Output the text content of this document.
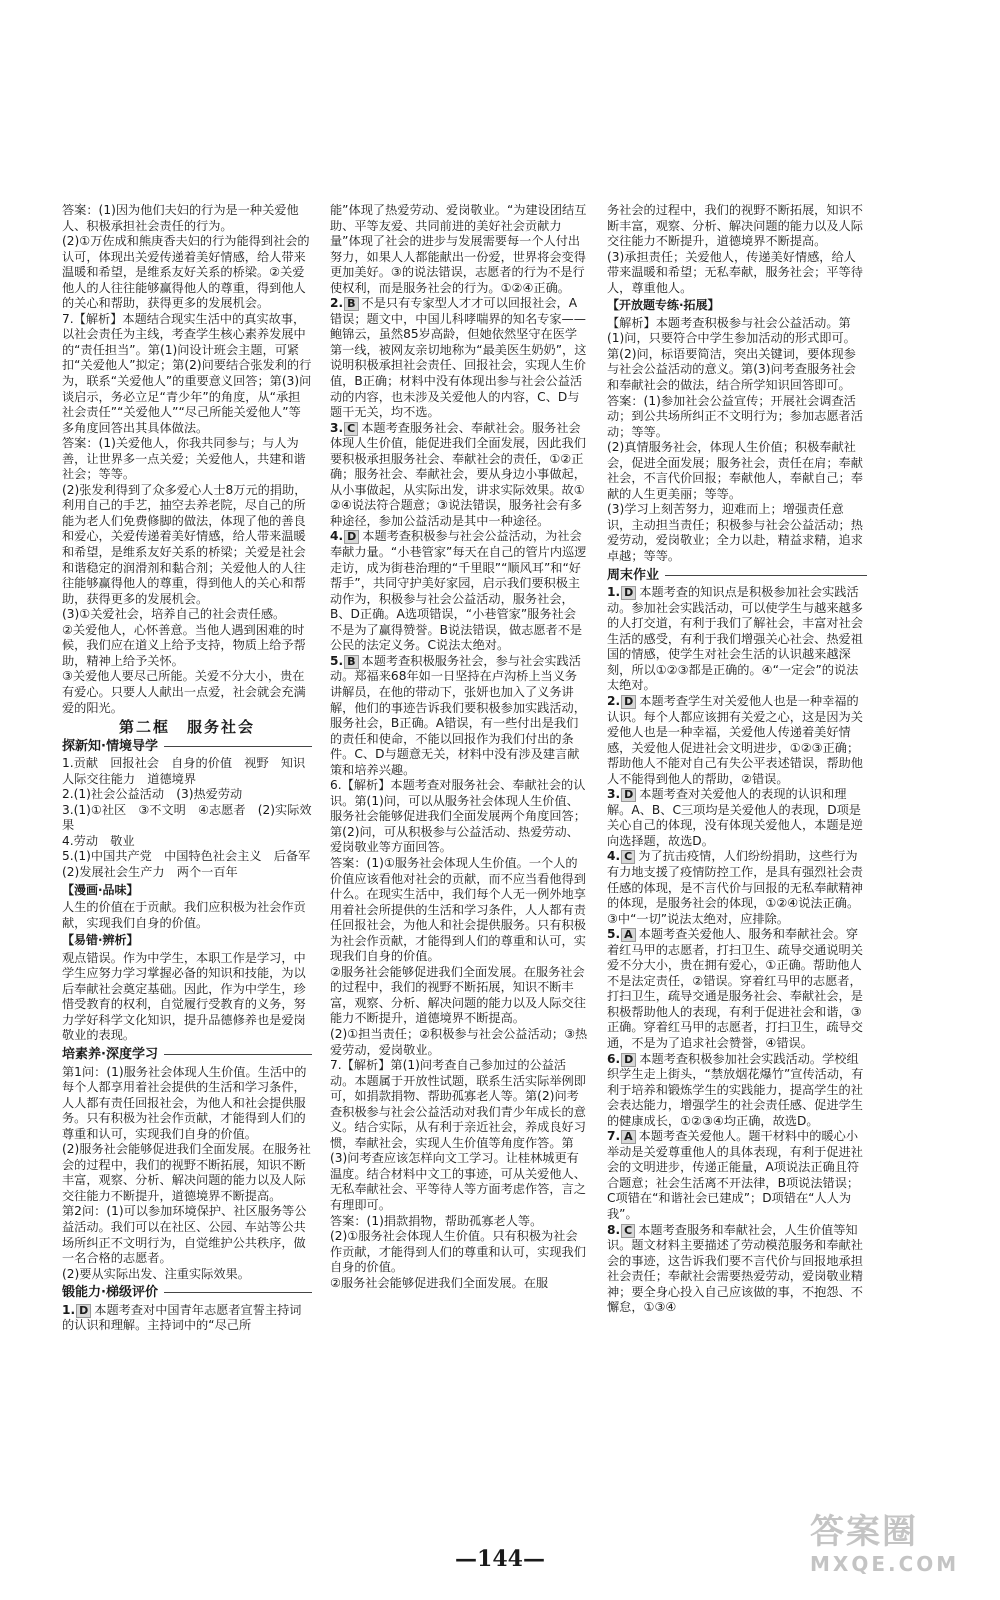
答案：(1)因为他们夫妇的行为是一种关爱他人、积极承担社会责任的行为。

(2)①万佐成和熊庚香夫妇的行为能得到社会的认可，体现出关爱传递着美好情感，给人带来温暖和希望，是维系友好关系的桥梁。②关爱他人的人往往能够赢得他人的尊重，得到他人的关心和帮助，获得更多的发展机会。

7.【解析】本题结合现实生活中的真实故事，以社会责任为主线，考查学生核心素养发展中的“责任担当”。第(1)问设计班会主题，可紧扣“关爱他人”拟定；第(2)问要结合张发利的行为，联系“关爱他人”的重要意义回答；第(3)问谈启示，务必立足“青少年”的角度，从“承担社会责任”“关爱他人”“尽己所能关爱他人”等多角度回答出其具体做法。

答案：(1)关爱他人，你我共同参与；与人为善，让世界多一点关爱；关爱他人，共建和谐社会；等等。

(2)张发利得到了众多爱心人士8万元的捐助，利用自己的手艺，抽空去养老院，尽自己的所能为老人们免费修脚的做法，体现了他的善良和爱心，关爱传递着美好情感，给人带来温暖和希望，是维系友好关系的桥梁；关爱是社会和谐稳定的润滑剂和黏合剂；关爱他人的人往往能够赢得他人的尊重，得到他人的关心和帮助，获得更多的发展机会。

(3)①关爱社会，培养自己的社会责任感。

②关爱他人，心怀善意。当他人遇到困难的时候，我们应在道义上给予支持，物质上给予帮助，精神上给予关怀。

③关爱他人要尽己所能。关爱不分大小，贵在有爱心。只要人人献出一点爱，社会就会充满爱的阳光。

第二框　服务社会
探新知·情境导学

1.贡献　回报社会　自身的价值　视野　知识　人际交往能力　道德境界

2.(1)社会公益活动　(3)热爱劳动

3.(1)①社区　③不文明　④志愿者　(2)实际效果

4.劳动　敬业

5.(1)中国共产党　中国特色社会主义　后备军　(2)发展社会生产力　两个一百年

【漫画·品味】

人生的价值在于贡献。我们应积极为社会作贡献，实现我们自身的价值。

【易错·辨析】

观点错误。作为中学生，本职工作是学习，中学生应努力学习掌握必备的知识和技能，为以后奉献社会奠定基础。因此，作为中学生，珍惜受教育的权利，自觉履行受教育的义务，努力学好科学文化知识，提升品德修养也是爱岗敬业的表现。

培素养·深度学习

第1问：(1)服务社会体现人生价值。生活中的每个人都享用着社会提供的生活和学习条件，人人都有责任回报社会，为他人和社会提供服务。只有积极为社会作贡献，才能得到人们的尊重和认可，实现我们自身的价值。

(2)服务社会能够促进我们全面发展。在服务社会的过程中，我们的视野不断拓展，知识不断丰富，观察、分析、解决问题的能力以及人际交往能力不断提升，道德境界不断提高。

第2问：(1)可以参加环境保护、社区服务等公益活动。我们可以在社区、公园、车站等公共场所纠正不文明行为，自觉维护公共秩序，做一名合格的志愿者。

(2)要从实际出发、注重实际效果。

锻能力·梯级评价

1. D 本题考查对中国青年志愿者宣誓主持词的认识和理解。主持词中的“尽己所

能”体现了热爱劳动、爱岗敬业。“为建设团结互助、平等友爱、共同前进的美好社会贡献力量”体现了社会的进步与发展需要每一个人付出努力，如果人人都能献出一份爱，世界将会变得更加美好。③的说法错误，志愿者的行为不是行使权利，而是服务社会的行为。①②④正确。

2. B 不是只有专家型人才才可以回报社会，A错误；题文中，中国儿科哮喘界的知名专家——鲍锦云，虽然85岁高龄，但她依然坚守在医学第一线，被网友亲切地称为“最美医生奶奶”，这说明积极承担社会责任、回报社会，实现人生价值，B正确；材料中没有体现出参与社会公益活动的内容，也未涉及关爱他人的内容，C、D与题干无关，均不选。

3. C 本题考查服务社会、奉献社会。服务社会体现人生价值，能促进我们全面发展，因此我们要积极承担服务社会、奉献社会的责任，①②正确；服务社会、奉献社会，要从身边小事做起，从小事做起，从实际出发，讲求实际效果。故①②④说法符合题意；③说法错误，服务社会有多种途径，参加公益活动是其中一种途径。

4. D 本题考查积极参与社会公益活动，为社会奉献力量。“小巷管家”每天在自己的管片内巡逻走访，成为街巷治理的“千里眼”“顺风耳”和“好帮手”，共同守护美好家园，启示我们要积极主动作为，积极参与社会公益活动，服务社会，B、D正确。A选项错误，“小巷管家”服务社会不是为了赢得赞誉。B说法错误，做志愿者不是公民的法定义务。C说法太绝对。

5. B 本题考查积极服务社会，参与社会实践活动。郑福来68年如一日坚持在卢沟桥上当义务讲解员，在他的带动下，张妍也加入了义务讲解，他们的事迹告诉我们要积极参加实践活动，服务社会，B正确。A错误，有一些付出是我们的责任和使命，不能以回报作为我们付出的条件。C、D与题意无关，材料中没有涉及建言献策和培养兴趣。

6.【解析】本题考查对服务社会、奉献社会的认识。第(1)问，可以从服务社会体现人生价值、服务社会能够促进我们全面发展两个角度回答；第(2)问，可从积极参与公益活动、热爱劳动、爱岗敬业等方面回答。

答案：(1)①服务社会体现人生价值。一个人的价值应该看他对社会的贡献，而不应当看他得到什么。在现实生活中，我们每个人无一例外地享用着社会所提供的生活和学习条件，人人都有责任回报社会，为他人和社会提供服务。只有积极为社会作贡献，才能得到人们的尊重和认可，实现我们自身的价值。

②服务社会能够促进我们全面发展。在服务社会的过程中，我们的视野不断拓展，知识不断丰富，观察、分析、解决问题的能力以及人际交往能力不断提升，道德境界不断提高。

(2)①担当责任；②积极参与社会公益活动；③热爱劳动，爱岗敬业。

7.【解析】第(1)问考查自己参加过的公益活动。本题属于开放性试题，联系生活实际举例即可，如捐款捐物、帮助孤寡老人等。第(2)问考查积极参与社会公益活动对我们青少年成长的意义。结合实际，从有利于亲近社会，养成良好习惯，奉献社会，实现人生价值等角度作答。第(3)问考查应该怎样向文工学习。让桂林城更有温度。结合材料中文工的事迹，可从关爱他人、无私奉献社会、平等待人等方面考虑作答，言之有理即可。

答案：(1)捐款捐物，帮助孤寡老人等。

(2)①服务社会体现人生价值。只有积极为社会作贡献，才能得到人们的尊重和认可，实现我们自身的价值。

②服务社会能够促进我们全面发展。在服

务社会的过程中，我们的视野不断拓展，知识不断丰富，观察、分析、解决问题的能力以及人际交往能力不断提升，道德境界不断提高。

(3)承担责任；关爱他人，传递美好情感，给人带来温暖和希望；无私奉献，服务社会；平等待人，尊重他人。

【开放题专练·拓展】

【解析】本题考查积极参与社会公益活动。第(1)问，只要符合中学生参加活动的形式即可。第(2)问，标语要简洁，突出关键词，要体现参与社会公益活动的意义。第(3)问考查服务社会和奉献社会的做法，结合所学知识回答即可。

答案：(1)参加社会公益宣传；开展社会调查活动；到公共场所纠正不文明行为；参加志愿者活动；等等。

(2)真情服务社会，体现人生价值；积极奉献社会，促进全面发展；服务社会，责任在肩；奉献社会，不言代价回报；奉献他人，奉献自己；奉献的人生更美丽；等等。

(3)学习上刻苦努力，迎难而上；增强责任意识，主动担当责任；积极参与社会公益活动；热爱劳动，爱岗敬业；全力以赴，精益求精，追求卓越；等等。

周末作业

1. D 本题考查的知识点是积极参加社会实践活动。参加社会实践活动，可以使学生与越来越多的人打交道，有利于我们了解社会，丰富对社会生活的感受，有利于我们增强关心社会、热爱祖国的情感，使学生对社会生活的认识越来越深刻，所以①②③都是正确的。④“一定会”的说法太绝对。

2. D 本题考查学生对关爱他人也是一种幸福的认识。每个人都应该拥有关爱之心，这是因为关爱他人也是一种幸福，关爱他人传递着美好情感，关爱他人促进社会文明进步，①②③正确；帮助他人不能对自己有失公平表述错误，帮助他人不能得到他人的帮助，②错误。

3. D 本题考查对关爱他人的表现的认识和理解。A、B、C三项均是关爱他人的表现，D项是关心自己的体现，没有体现关爱他人，本题是逆向选择题，故选D。

4. C 为了抗击疫情，人们纷纷捐助，这些行为有力地支援了疫情防控工作，是具有强烈社会责任感的体现，是不言代价与回报的无私奉献精神的体现，是服务社会的体现，①②④说法正确。③中“一切”说法太绝对，应排除。

5. A 本题考查关爱他人、服务和奉献社会。穿着红马甲的志愿者，打扫卫生、疏导交通说明关爱不分大小，贵在拥有爱心，①正确。帮助他人不是法定责任，②错误。穿着红马甲的志愿者，打扫卫生，疏导交通是服务社会、奉献社会，是积极帮助他人的表现，有利于促进社会和谐，③正确。穿着红马甲的志愿者，打扫卫生，疏导交通，不是为了追求社会赞誉，④错误。

6. D 本题考查积极参加社会实践活动。学校组织学生走上街头，“禁放烟花爆竹”宣传活动，有利于培养和锻炼学生的实践能力，提高学生的社会表达能力，增强学生的社会责任感、促进学生的健康成长，①②③④均正确，故选D。

7. A 本题考查关爱他人。题干材料中的暖心小举动是关爱尊重他人的具体表现，有利于促进社会的文明进步，传递正能量，A项说法正确且符合题意；社会生活离不开法律，B项说法错误；C项错在“和谐社会已建成”；D项错在“人人为我”。

8. C 本题考查服务和奉献社会，人生价值等知识。题文材料主要描述了劳动模范服务和奉献社会的事迹，这告诉我们要不言代价与回报地承担社会责任；奉献社会需要热爱劳动，爱岗敬业精神；要全身心投入自己应该做的事，不抱怨、不懈怠，①③④

—144—
答案圈
MXQE.COM
